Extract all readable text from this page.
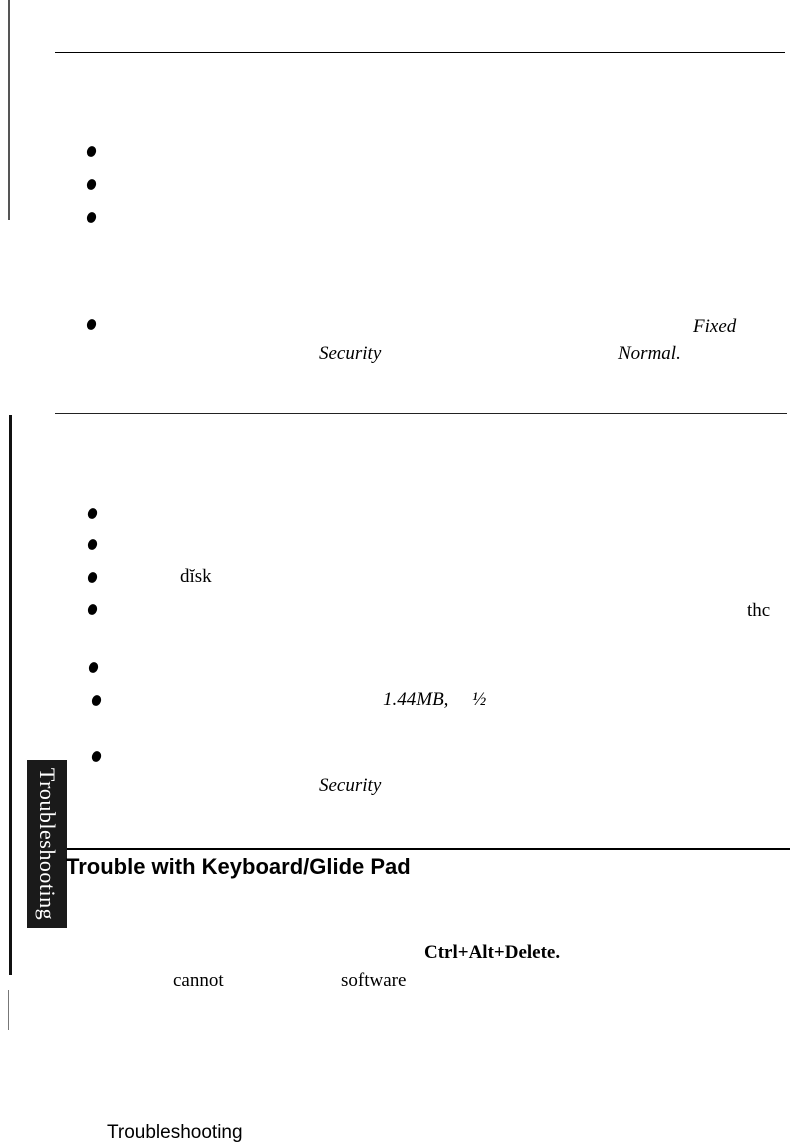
Fixed
Security	Normal.
dĭsk
thc
1.44MB, ½
Security
Troubleshooting Trouble with Keyboard/Glide Pad
Ctrl+Alt+Delete.
cannot	software
Troubleshooting
